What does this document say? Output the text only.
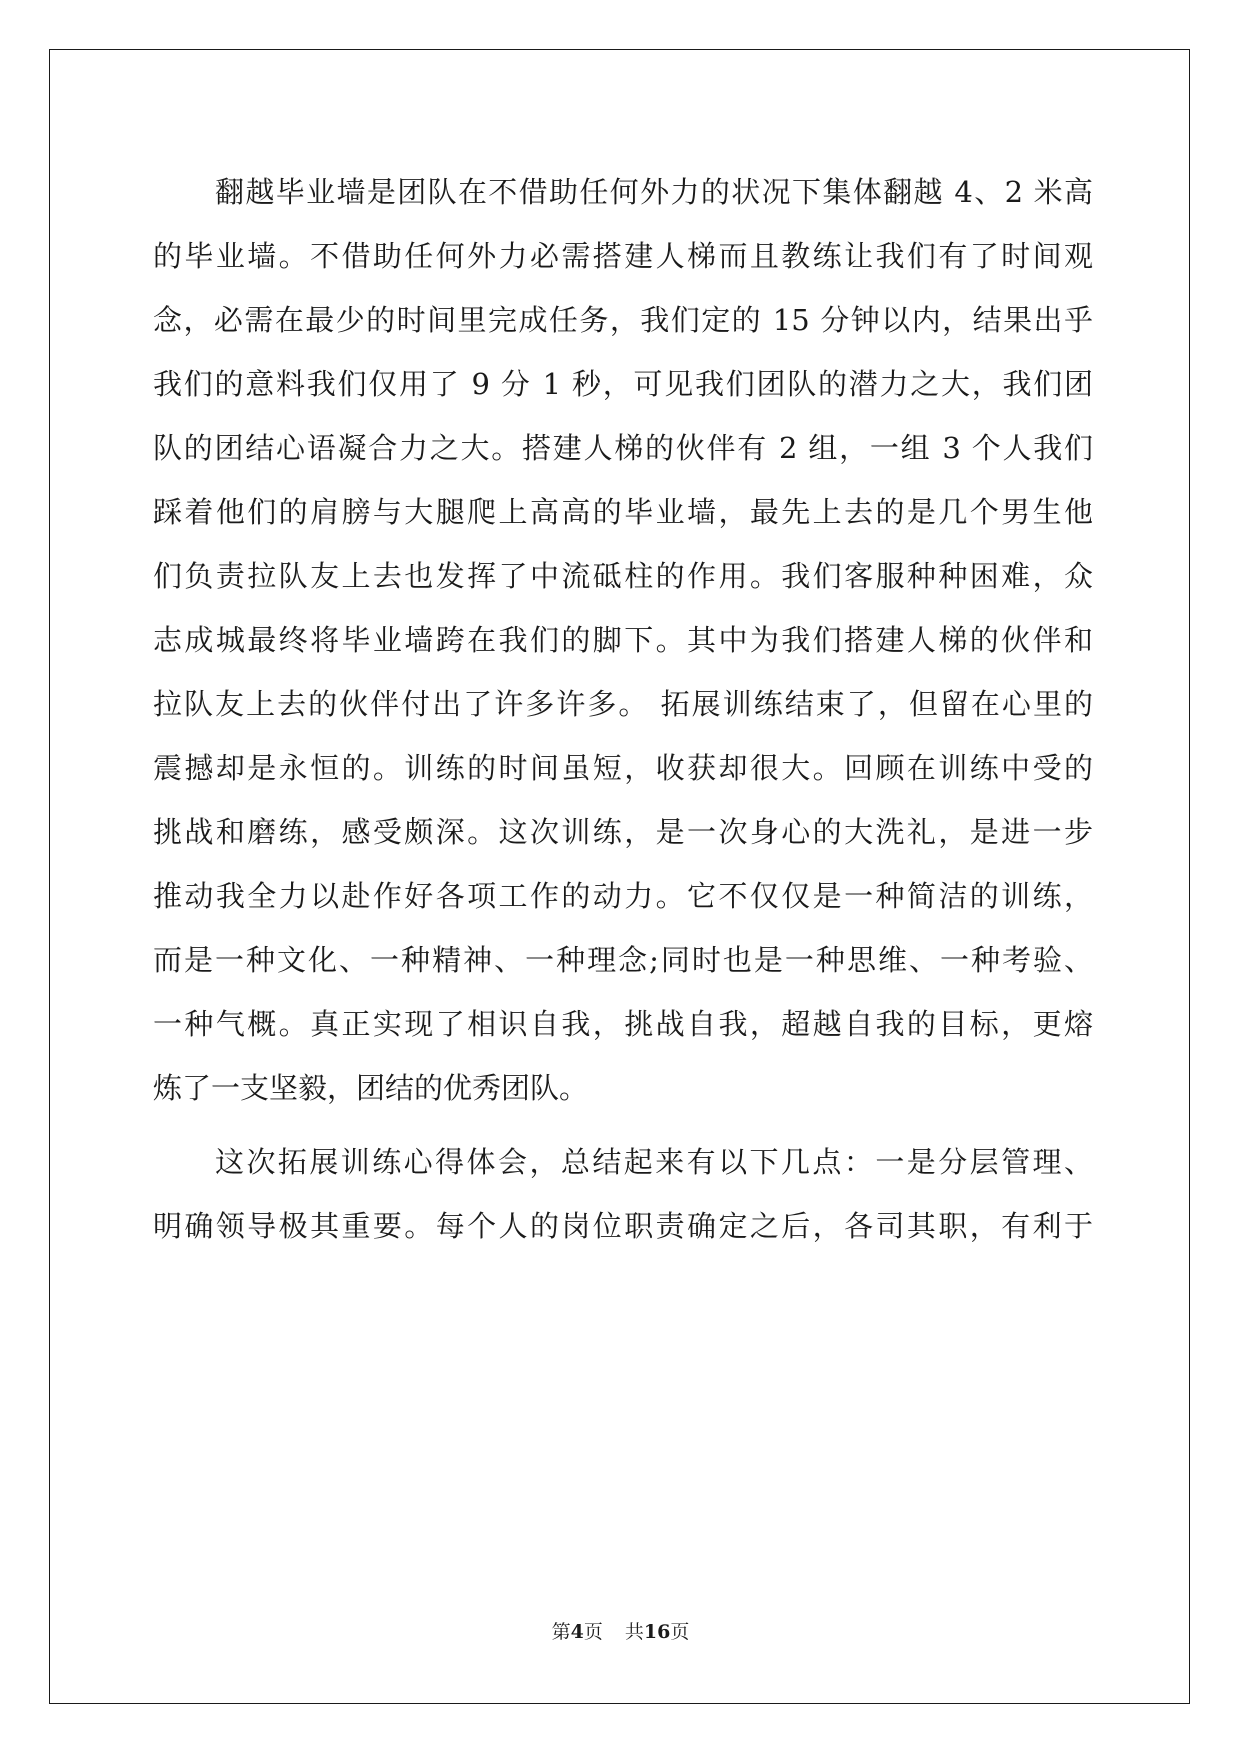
翻越毕业墙是团队在不借助任何外力的状况下集体翻越 4、2 米高
的毕业墙。不借助任何外力必需搭建人梯而且教练让我们有了时间观
念，必需在最少的时间里完成任务，我们定的 15 分钟以内，结果出乎
我们的意料我们仅用了 9 分 1 秒，可见我们团队的潜力之大，我们团
队的团结心语凝合力之大。搭建人梯的伙伴有 2 组，一组 3 个人我们
踩着他们的肩膀与大腿爬上高高的毕业墙，最先上去的是几个男生他
们负责拉队友上去也发挥了中流砥柱的作用。我们客服种种困难，众
志成城最终将毕业墙跨在我们的脚下。其中为我们搭建人梯的伙伴和
拉队友上去的伙伴付出了许多许多。 拓展训练结束了，但留在心里的
震撼却是永恒的。训练的时间虽短，收获却很大。回顾在训练中受的
挑战和磨练，感受颇深。这次训练，是一次身心的大洗礼，是进一步
推动我全力以赴作好各项工作的动力。它不仅仅是一种简洁的训练，
而是一种文化、一种精神、一种理念;同时也是一种思维、一种考验、
一种气概。真正实现了相识自我，挑战自我，超越自我的目标，更熔
炼了一支坚毅，团结的优秀团队。
这次拓展训练心得体会，总结起来有以下几点：一是分层管理、
明确领导极其重要。每个人的岗位职责确定之后，各司其职，有利于
第4页 共16页
